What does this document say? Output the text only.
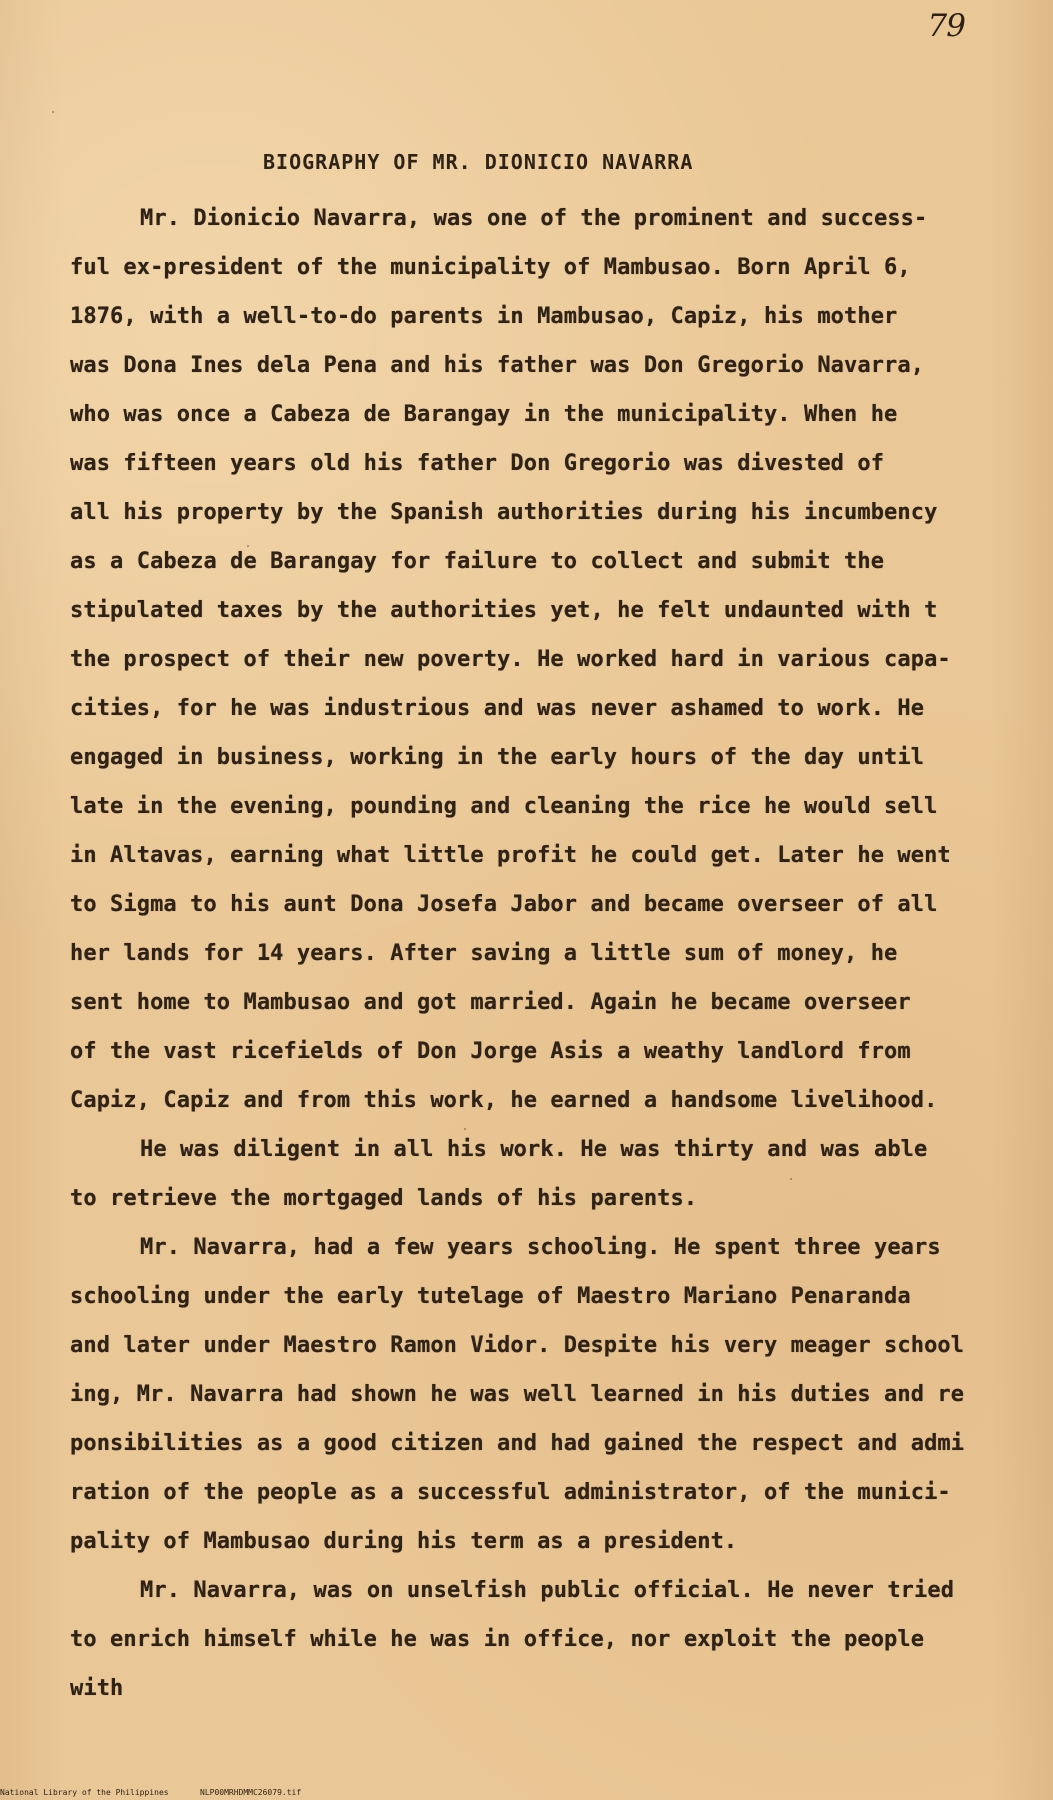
79
BIOGRAPHY OF MR. DIONICIO NAVARRA
Mr. Dionicio Navarra, was one of the prominent and success-
ful ex-president of the municipality of Mambusao. Born April 6,
1876, with a well-to-do parents in Mambusao, Capiz, his mother
was Dona Ines dela Pena and his father was Don Gregorio Navarra,
who was once a Cabeza de Barangay in the municipality. When he
was fifteen years old his father Don Gregorio was divested of
all his property by the Spanish authorities during his incumbency
as a Cabeza de Barangay for failure to collect and submit the
stipulated taxes by the authorities yet, he felt undaunted with t
the prospect of their new poverty. He worked hard in various capa-
cities, for he was industrious and was never ashamed to work. He
engaged in business, working in the early hours of the day until
late in the evening, pounding and cleaning the rice he would sell
in Altavas, earning what little profit he could get. Later he went
to Sigma to his aunt Dona Josefa Jabor and became overseer of all
her lands for 14 years. After saving a little sum of money, he
sent home to Mambusao and got married. Again he became overseer
of the vast ricefields of Don Jorge Asis a weathy landlord from
Capiz, Capiz and from this work, he earned a handsome livelihood.
He was diligent in all his work. He was thirty and was able
to retrieve the mortgaged lands of his parents.
Mr. Navarra, had a few years schooling. He spent three years
schooling under the early tutelage of Maestro Mariano Penaranda
and later under Maestro Ramon Vidor. Despite his very meager school
ing, Mr. Navarra had shown he was well learned in his duties and re
ponsibilities as a good citizen and had gained the respect and admi
ration of the people as a successful administrator, of the munici-
pality of Mambusao during his term as a president.
Mr. Navarra, was on unselfish public official. He never tried
to enrich himself while he was in office, nor exploit the people
with
National Library of the Philippines	NLP00MRHDMMC26079.tif
